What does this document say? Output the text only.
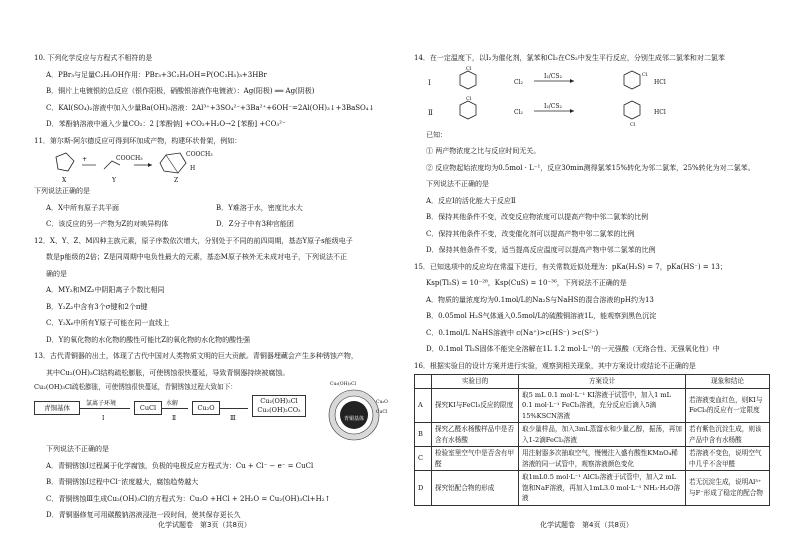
10. 下列化学反应与方程式不相符的是
A．PBr₃与足量C₂H₅OH作用：PBr₃+3C₂H₅OH=P(OC₂H₅)₃+3HBr
B．铜片上电镀银的总反应（银作阳极，硝酸银溶液作电镀液）：Ag(阳极) ══ Ag(阴极)
C．KAl(SO₄)₂溶液中加入少量Ba(OH)₂溶液：2Al³⁺+3SO₄²⁻+3Ba²⁺+6OH⁻=2Al(OH)₃↓+3BaSO₄↓
D．苯酚钠溶液中通入少量CO₂：2 [苯酚钠] +CO₂+H₂O→2 [苯酚] +CO₃²⁻
11．第尔斯-阿尔德反应可得到环加成产物，构建环状骨架，例如：
+	COOCH₃
COOCH₃
H
X	Y	Z
下列说法正确的是
A．X中所有原子共平面	B．Y难溶于水，密度比水大
C．该反应的另一产物为Z的对映异构体	D．Z分子中有3种官能团
12．X、Y、Z、M四种主族元素，原子序数依次增大，分别处于不同的前四周期，基态Y原子s能级电子
数是p能级的2倍；Z是同周期中电负性最大的元素，基态M原子核外无未成对电子，下列说法不正
确的是
A．MY₂和MZ₂中阴阳离子个数比相同
B．Y₂Z₂中含有3个σ键和2个π键
C．Y₂X₆中所有Y原子可能在同一直线上
D．Y的氧化物的水化物的酸性可能比Z的氧化物的水化物的酸性强
13．古代青铜器的出土，体现了古代中国对人类物质文明的巨大贡献。青铜器埋藏会产生多种锈蚀产物，
其中Cu₂(OH)₃Cl结构疏松膨胀，可使锈蚀很快蔓延，导致青铜器持续被腐蚀。
Cu₂(OH)₃Cl疏松膨胀，可使锈蚀很快蔓延，青铜锈蚀过程大致如下：
青铜基体
氯离子环境
Ⅰ
CuCl
水解
Ⅱ
Cu₂O
Ⅲ
Cu₂(OH)₃Cl
Cu₂(OH)₂CO₃
青铜基体
Cu₂(OH)₃Cl
Cu₂O
CuCl
下列说法不正确的是
A．青铜锈蚀Ⅰ过程属于化学腐蚀，负极的电极反应方程式为：Cu + Cl⁻ − e⁻ = CuCl
B．青铜锈蚀Ⅰ过程中Cl⁻浓度越大，腐蚀趋势越大
C．青铜锈蚀Ⅲ生成Cu₂(OH)₃Cl的方程式为：Cu₂O +HCl + 2H₂O = Cu₂(OH)₃Cl+H₂↑
D．青铜器修复可用碳酸钠溶液浸泡一段时间，使其保存更长久
化学试题卷　第3页（共8页）
14．在一定温度下，以I₂为催化剂，氯苯和Cl₂在CS₂中发生平行反应，分别生成邻二氯苯和对二氯苯
Ⅰ
Ⅱ
Cl₂
I₂/CS₂
HCl
Cl₂
I₂/CS₂
HCl
Cl
Cl
Cl
Cl
已知：
① 两产物浓度之比与反应时间无关。
② 反应物起始浓度均为0.5mol · L⁻¹，反应30min测得氯苯15%转化为邻二氯苯，25%转化为对二氯苯。
下列说法不正确的是
A．反应Ⅰ的活化能大于反应Ⅱ
B．保持其他条件不变，改变反应物浓度可以提高产物中邻二氯苯的比例
C．保持其他条件不变，改变催化剂可以提高产物中邻二氯苯的比例
D．保持其他条件不变，适当提高反应温度可以提高产物中邻二氯苯的比例
15．已知选项中的反应均在常温下进行，有关常数近似处理为：pKa(H₂S) = 7，pKa(HS⁻) = 13；
Ksp(Tl₂S) = 10⁻²⁸，Ksp(CuS) = 10⁻³⁶，下列说法不正确的是
A．物质的量浓度均为0.1mol/L的Na₂S与NaHS的混合溶液的pH约为13
B．0.05mol H₂S气体通入0.5mol/L的硫酸铜溶液1L，能观察到黑色沉淀
C．0.1mol/L NaHS溶液中 c(Na⁺)>c(HS⁻) >c(S²⁻)
D．0.1mol Tl₂S固体不能完全溶解在1L 1.2 mol·L⁻¹的一元强酸（无络合性、无强氧化性）中
16．根据实验目的设计方案并进行实验，观察到相关现象，其中方案设计或结论不正确的是
	实验目的	方案设计	现象和结论
A	探究KI与FeCl₃反应的限度	取5 mL 0.1 mol·L⁻¹ KI溶液于试管中，加入1 mL 0.1 mol·L⁻¹ FeCl₃溶液，充分反应后滴入5滴15%KSCN溶液	若溶液变血红色，则KI与FeCl₃的反应有一定限度
B	探究乙醛水杨酸样品中是否含有水杨酸	取少量样品，加入3mL蒸馏水和少量乙醇，振荡，再加入1-2滴FeCl₃溶液	若有紫色沉淀生成，则该产品中含有水杨酸
C	检验室里空气中是否含有甲醛	用注射器多次抽取空气，慢慢注入盛有酸性KMnO₄稀溶液的同一试管中，观察溶液颜色变化	若溶液不变色，说明空气中几乎不含甲醛
D	探究铝配合物的形成	取1mL0.5 mol·L⁻¹ AlCl₃溶液于试管中，加入2 mL饱和NaF溶液，再加入1mL3.0 mol·L⁻¹ NH₃·H₂O溶液	若无沉淀生成，说明Al³⁺与F⁻形成了稳定的配合物
化学试题卷　第4页（共8页）
